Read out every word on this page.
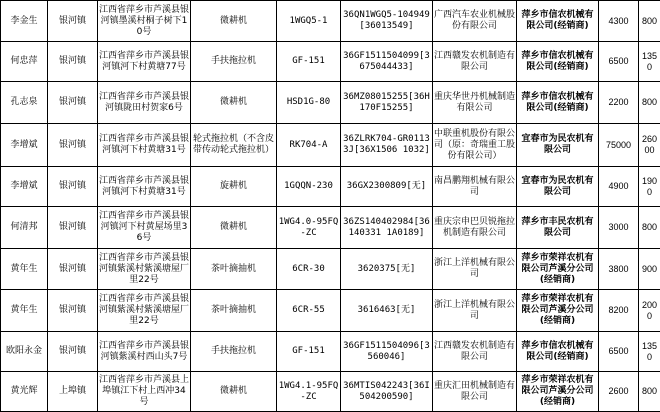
李金生	银河镇	江西省萍乡市芦溪县银河镇墨溪村桐子树下10号	微耕机	1WGQ5-1	36QN1WGQ5-104949[36013549]	广西汽车农业机械股份有限公司	萍乡市信农机械有限公司(经销商)	4300	800
何忠萍	银河镇	江西省萍乡市芦溪县银河镇河下村黄塘77号	手扶拖拉机	GF-151	36GF1511504099[3675044433]	江西赣发农机制造有限公司	萍乡市信农机械有限公司(经销商)	6500	1350
孔志泉	银河镇	江西省萍乡市芦溪县银河镇陇田村贺家6号	微耕机	HSD1G-80	36MZ08015255[36H170F15255]	重庆华世丹机械制造有限公司	萍乡市信农机械有限公司(经销商)	2200	800
李增斌	银河镇	江西省萍乡市芦溪县银河镇河下村黄塘31号	轮式拖拉机（不含皮带传动轮式拖拉机）	RK704-A	36ZLRK704-GR01133J[36X1506 1032]	中联重机股份有限公司（原：奇瑞重工股份有限公司）	宜春市为民农机有限公司	75000	26000
李增斌	银河镇	江西省萍乡市芦溪县银河镇河下村黄塘31号	旋耕机	1GQQN-230	36GX2300809[无]	南昌鹏翔机械有限公司	宜春市为民农机有限公司	4900	1900
何清邦	银河镇	江西省萍乡市芦溪县银河镇河下村黄屋场里36号	微耕机	1WG4.0-95FQ-ZC	36ZS140402984[36140331 1A0189]	重庆宗申巴贝锐拖拉机制造有限公司	萍乡市丰民农机有限公司	3000	800
黄年生	银河镇	江西省萍乡市芦溪县银河镇紫溪村紫溪塘屋厂里22号	茶叶摘抽机	6CR-30	3620375[无]	浙江上洋机械有限公司	萍乡市荣祥农机有限公司芦溪分公司(经销商)	3800	900
黄年生	银河镇	江西省萍乡市芦溪县银河镇紫溪村紫溪塘屋厂里22号	茶叶摘抽机	6CR-55	3616463[无]	浙江上洋机械有限公司	萍乡市荣祥农机有限公司芦溪分公司(经销商)	8200	2000
欧阳永金	银河镇	江西省萍乡市芦溪县银河镇紫溪村西山头7号	手扶拖拉机	GF-151	36GF1511504096[3560046]	江西赣发农机制造有限公司	萍乡市信农机械有限公司(经销商)	6500	1350
黄光辉	上埠镇	江西省萍乡市芦溪县上埠镇江下村上西冲34号	微耕机	1WG4.1-95FQ-ZC	36MTIS042243[36I504200590]	重庆汇田机械制造有限公司	萍乡市荣祥农机有限公司芦溪分公司(经销商)	2600	800
